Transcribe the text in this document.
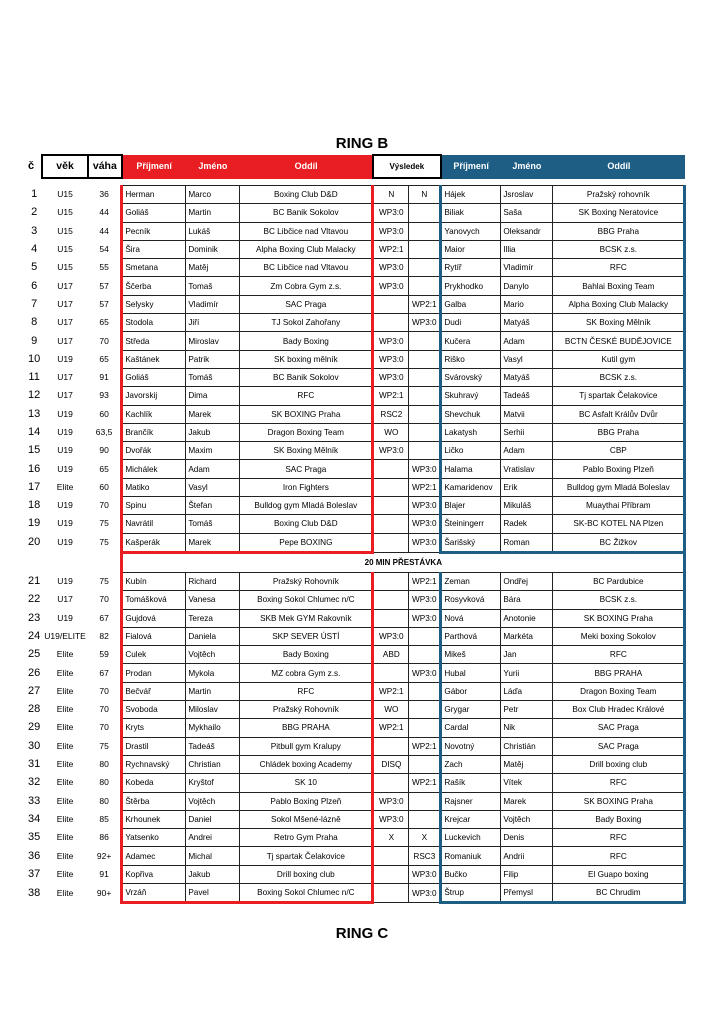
RING B
č	věk	váha	Příjmení	Jméno	Oddíl	Výsledek		Příjmení	Jméno	Oddíl

1	U15	36	Herman	Marco	Boxing Club D&D	N	N	Hájek	Jsroslav	Pražský rohovník
2	U15	44	Goliáš	Martin	BC Banik Sokolov	WP3:0		Biliak	Saša	SK Boxing Neratovice
3	U15	44	Pecník	Lukáš	BC Libčice nad Vltavou	WP3:0		Yanovych	Oleksandr	BBG Praha
4	U15	54	Šira	Dominik	Alpha Boxing Club Malacky	WP2:1		Maior	Illia	BCSK z.s.
5	U15	55	Smetana	Matěj	BC Libčice nad Vltavou	WP3:0		Rytíř	Vladimír	RFC
6	U17	57	Ščerba	Tomaš	Zm Cobra Gym z.s.	WP3:0		Prykhodko	Danylo	Bahlai Boxing Team
7	U17	57	Selysky	Vladimír	SAC Praga		WP2:1	Galba	Mario	Alpha Boxing Club Malacky
8	U17	65	Stodola	Jiří	TJ Sokol Zahořany		WP3:0	Dudi	Matyáš	SK Boxing Mělník
9	U17	70	Středa	Miroslav	Bady Boxing	WP3:0		Kučera	Adam	BCTN ČESKÉ BUDĚJOVICE
10	U19	65	Kaštánek	Patrik	SK boxing mělník	WP3:0		Riško	Vasyl	Kutil gym
11	U17	91	Goliáš	Tomáš	BC Banik Sokolov	WP3:0		Svárovský	Matyáš	BCSK z.s.
12	U17	93	Javorskij	Dima	RFC	WP2:1		Skuhravý	Tadeáš	Tj spartak Čelakovice
13	U19	60	Kachlík	Marek	SK BOXING Praha	RSC2		Shevchuk	Matvii	BC Asfalt Králův Dvůr
14	U19	63,5	Brančík	Jakub	Dragon Boxing Team	WO		Lakatysh	Serhii	BBG Praha
15	U19	90	Dvořák	Maxim	SK Boxing Mělník	WP3:0		Ličko	Adam	CBP
16	U19	65	Michálek	Adam	SAC Praga		WP3:0	Halama	Vratislav	Pablo Boxing Plzeň
17	Elite	60	Matiko	Vasyl	Iron Fighters		WP2:1	Kamaridenov	Erik	Bulldog gym Mladá Boleslav
18	U19	70	Spinu	Štefan	Bulldog gym Mladá Boleslav		WP3:0	Blajer	Mikuláš	Muaythai Příbram
19	U19	75	Navrátil	Tomáš	Boxing Club D&D		WP3:0	Šteiningerr	Radek	SK-BC KOTEL NA Plzen
20	U19	75	Kašperák	Marek	Pepe BOXING		WP3:0	Šarišský	Roman	BC Žižkov
			20 MIN PŘESTÁVKA							
21	U19	75	Kubín	Richard	Pražský Rohovník		WP2:1	Zeman	Ondřej	BC Pardubice
22	U17	70	Tomášková	Vanesa	Boxing Sokol Chlumec n/C		WP3:0	Rosyvková	Bára	BCSK z.s.
23	U19	67	Gujdová	Tereza	SKB Mek GYM Rakovník		WP3:0	Nová	Anotonie	SK BOXING Praha
24	U19/ELITE	82	Fialová	Daniela	SKP SEVER ÚSTÍ	WP3:0		Parthová	Markéta	Meki boxing Sokolov
25	Elite	59	Culek	Vojtěch	Bady Boxing	ABD		Mikeš	Jan	RFC
26	Elite	67	Prodan	Mykola	MZ cobra Gym z.s.		WP3:0	Hubal	Yurii	BBG PRAHA
27	Elite	70	Bečvář	Martin	RFC	WP2:1		Gábor	Láďa	Dragon Boxing Team
28	Elite	70	Svoboda	Miloslav	Pražský Rohovník	WO		Grygar	Petr	Box Club Hradec Králové
29	Elite	70	Kryts	Mykhailo	BBG PRAHA	WP2:1		Cardal	Nik	SAC Praga
30	Elite	75	Drastil	Tadeáš	Pitbull gym Kralupy		WP2:1	Novotný	Christián	SAC Praga
31	Elite	80	Rychnavský	Christian	Chládek boxing Academy	DISQ		Zach	Matěj	Drill boxing club
32	Elite	80	Kobeda	Kryštof	SK 10		WP2:1	Rašík	Vítek	RFC
33	Elite	80	Štěrba	Vojtěch	Pablo Boxing Plzeň	WP3:0		Rajsner	Marek	SK BOXING Praha
34	Elite	85	Krhounek	Daniel	Sokol Mšené-lázně	WP3:0		Krejcar	Vojtěch	Bady Boxing
35	Elite	86	Yatsenko	Andrei	Retro Gym Praha	X	X	Luckevich	Denis	RFC
36	Elite	92+	Adamec	Michal	Tj spartak Čelakovice		RSC3	Romaniuk	Andrii	RFC
37	Elite	91	Kopřiva	Jakub	Drill boxing club		WP3:0	Bučko	Filip	El Guapo boxing
38	Elite	90+	Vrzáň	Pavel	Boxing Sokol Chlumec n/C		WP3:0	Štrup	Přemysl	BC Chrudim
RING C
